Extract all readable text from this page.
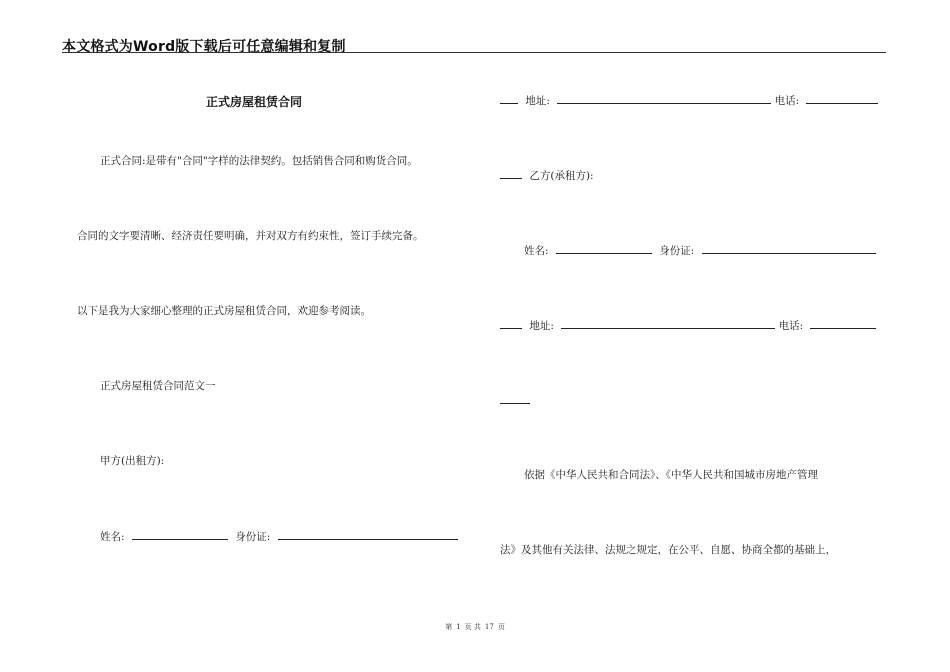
本文格式为Word版下载后可任意编辑和复制
正式房屋租赁合同
正式合同:是带有"合同"字样的法律契约。包括销售合同和购货合同。
合同的文字要清晰、经济责任要明确，并对双方有约束性，签订手续完备。
以下是我为大家细心整理的正式房屋租赁合同，欢迎参考阅读。
正式房屋租赁合同范文一
甲方(出租方):
姓名:	身份证:
地址:	电话:
乙方(承租方):
姓名:	身份证:
地址:	电话:
依据《中华人民共和合同法》、《中华人民共和国城市房地产管理
法》及其他有关法律、法规之规定，在公平、自愿、协商全都的基础上，
第 1 页 共 17 页
